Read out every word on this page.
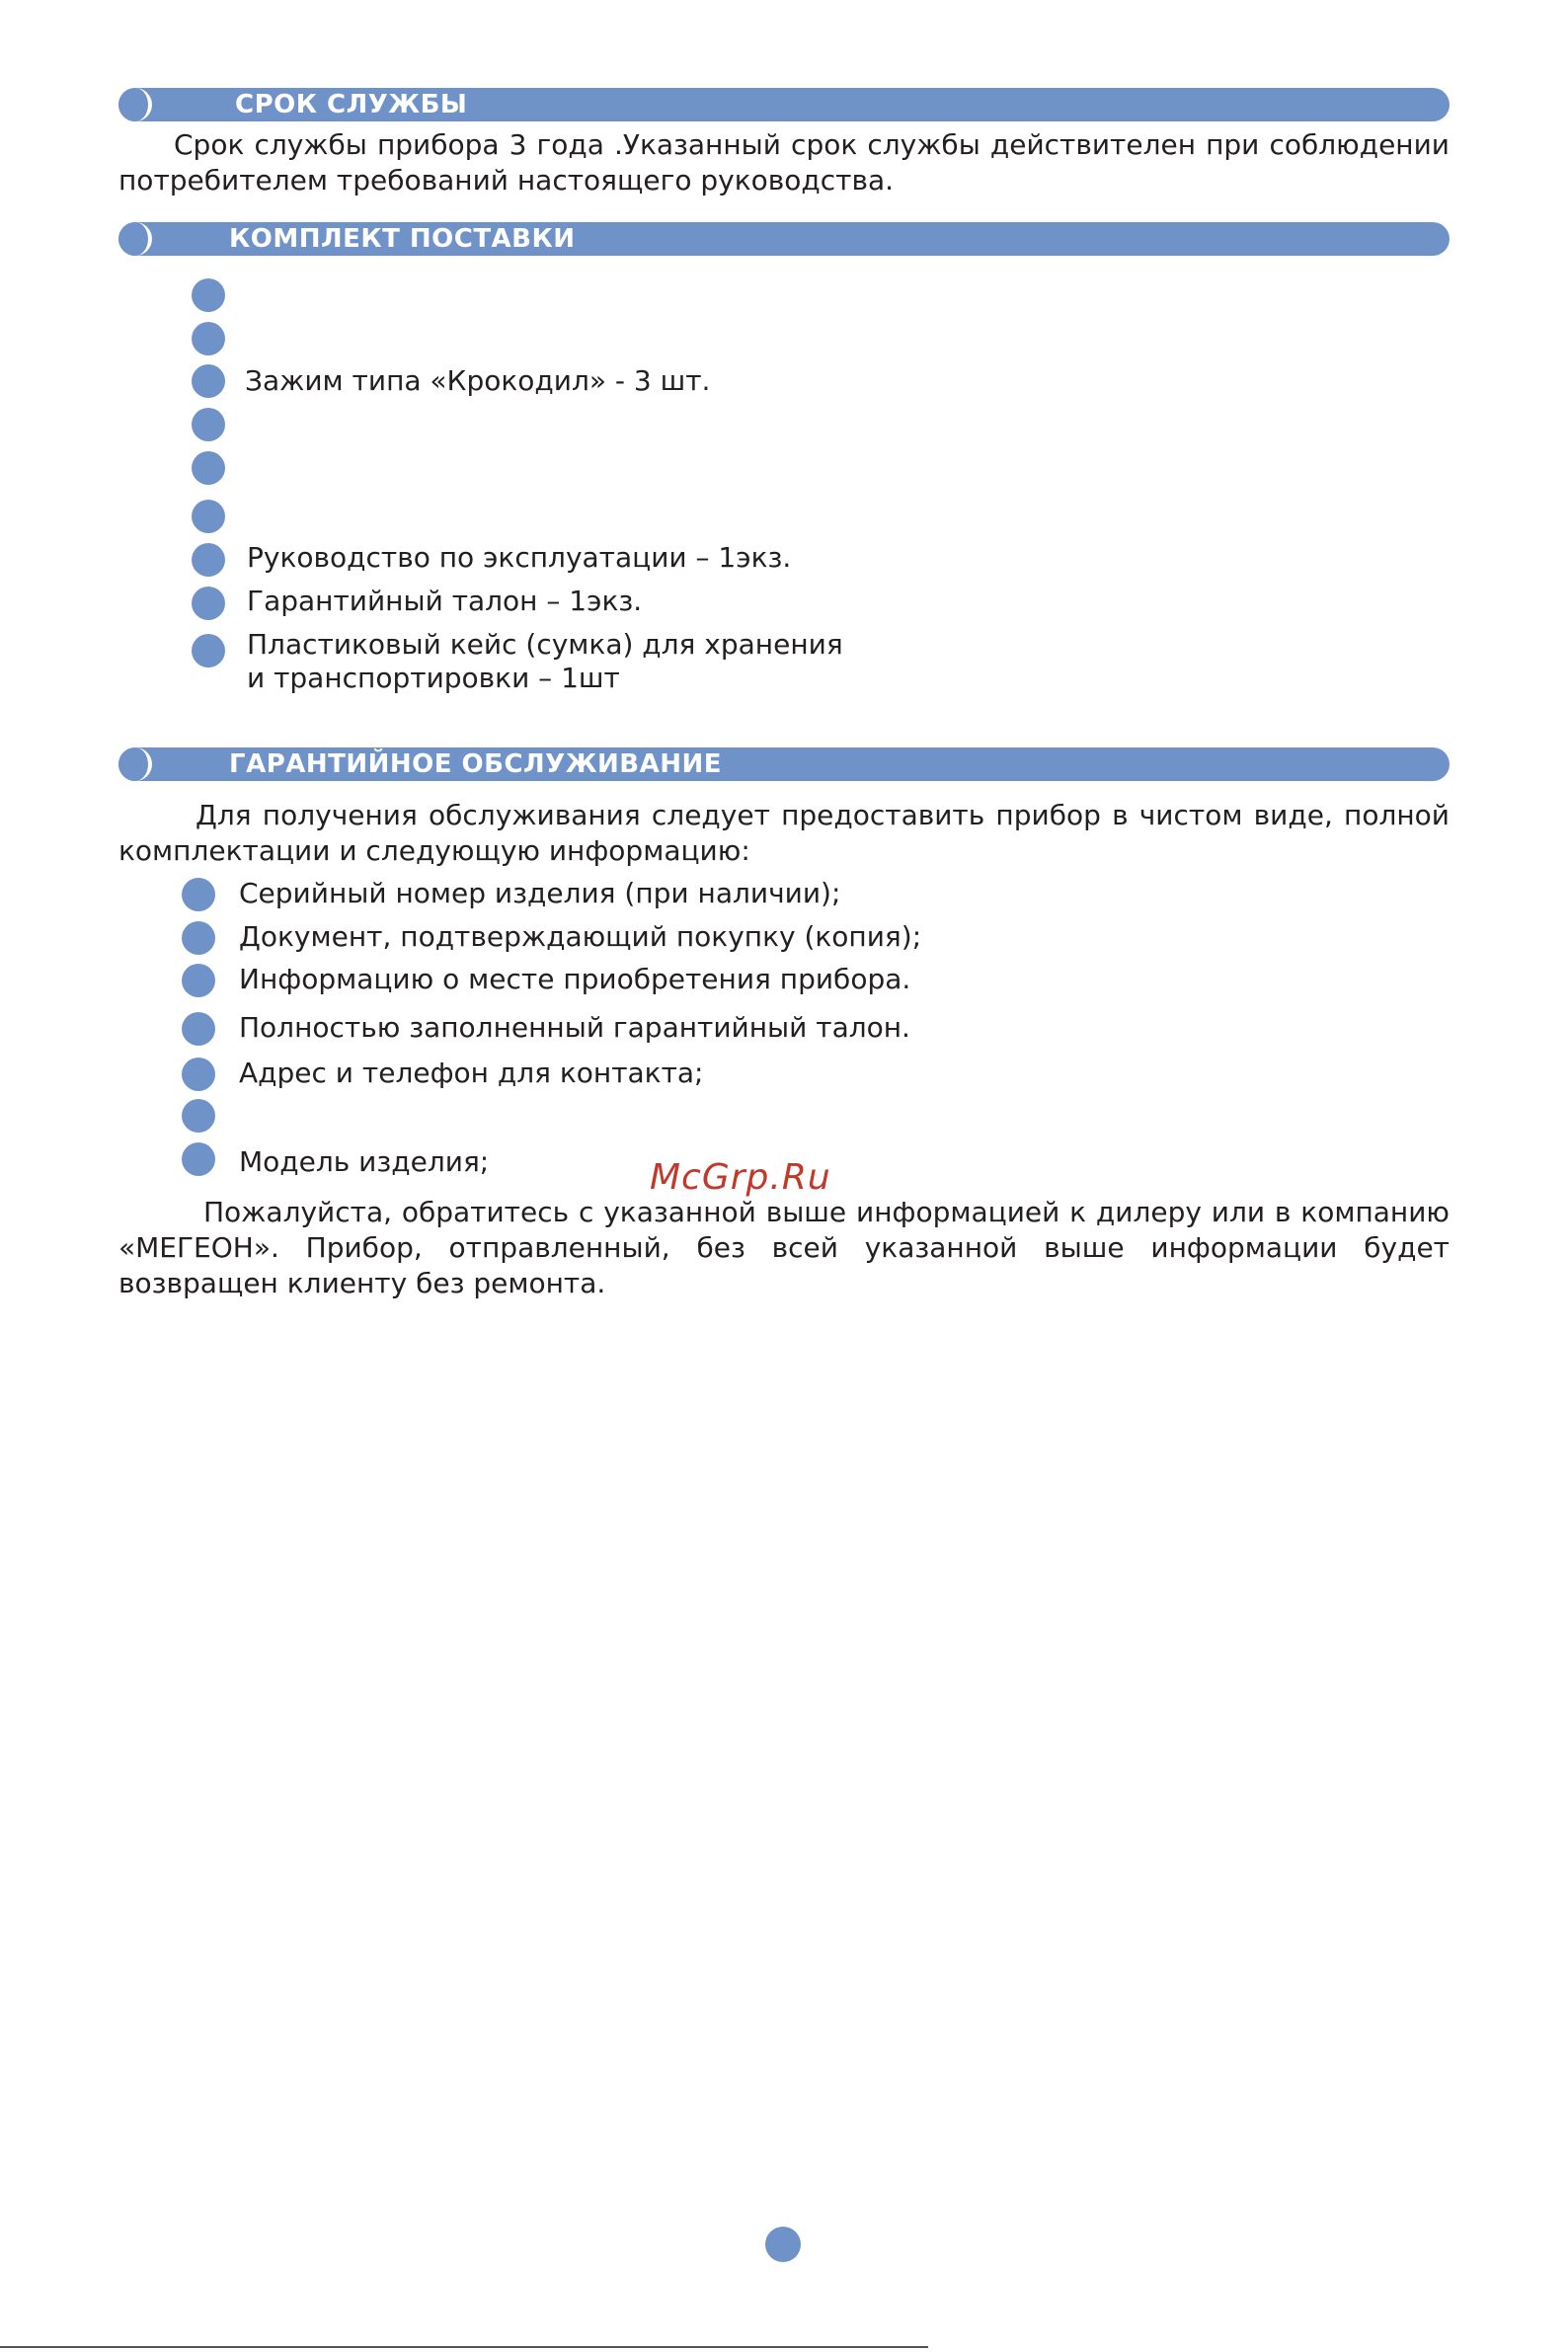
СРОК СЛУЖБЫ

Срок службы прибора 3 года .Указанный срок службы действителен при соблюдении потребителем требований настоящего руководства.

КОМПЛЕКТ ПОСТАВКИ
Зажим типа «Крокодил» - 3 шт.
Руководство по эксплуатации – 1экз.
Гарантийный талон – 1экз.
Пластиковый кейс (сумка) для хранения
и транспортировки – 1шт
ГАРАНТИЙНОЕ ОБСЛУЖИВАНИЕ

Для получения обслуживания следует предоставить прибор в чистом виде, полной комплектации и следующую информацию:

Серийный номер изделия (при наличии);
Документ, подтверждающий покупку (копия);
Информацию о месте приобретения прибора.
Полностью заполненный гарантийный талон.
Адрес и телефон для контакта;
Модель изделия;	McGrp.Ru

Пожалуйста, обратитесь с указанной выше информацией к дилеру или в компанию «МЕГЕОН». Прибор, отправленный, без всей указанной выше информации будет возвращен клиенту без ремонта.
